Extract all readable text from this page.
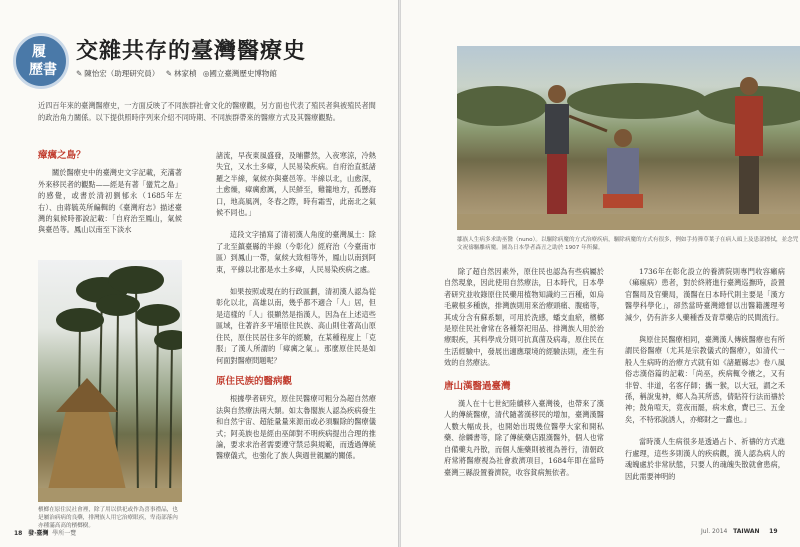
履
歷書
交雜共存的臺灣醫療史
✎ 陳怡宏（助理研究員） ✎ 林家楨 ◎國立臺灣歷史博物館
近四百年來的臺灣醫療史，一方面反映了不同族群社會文化的醫療觀，另方面也代表了殖民者與被殖民者間的政治角力關係。以下提供照時序列來介紹不同時期、不同族群帶來的醫療方式及其醫療觀點。
瘴癘之島？

關於醫療史中的臺灣史文字記載，充滿著外來移民者的觀點——經是有著「蠻荒之島」的感覺，或書於清初劉郁永（1685年左右）、由蔣毓英所編輯的《臺灣府志》描述臺灣的氣候時都說記載：「自府治至鳳山，氣候與臺邑等。鳳山以南至下淡水

檳榔在原住民社會裡，除了用以供祀或作為喜事禮品，也是屬治病病的良藥，排灣族人用它治療眼疾，卑南部落內亦種滿高高的檳榔樹。

諸流，早夜東風盛發，及晡鬱然，入夜寒涼，冷熱失宜，又水土多瘴，人民易染疾病。自府治直抵諸羅之半線，氣候亦與臺邑等。半線以北，山愈深，土愈燥，瘴癘愈厲，人民鮮至，雞籠地方，孤懸海口，地高風冽，冬春之際，時有霜雪，此南北之氣候不同也。」

這段文字描寫了清初漢人角度的臺灣風土：除了北至鎮臺縣的半線（今彰化）經府治（今臺南市區）到鳳山一帶，氣候大致相等外，鳳山以南到阿東，平線以北都是水土多瘴，人民易染疾病之處。

如果按照或現在的行政區劃，清初漢人認為從彰化以北，高雄以南，幾乎都不適合「人」居，但是這樣的「人」很顯然是指漢人，因為在上述這些區域，住著許多平埔原住民族、高山則住著高山原住民，原住民居住多年的經驗，在某種程度上「克服」了漢人所謂的「瘴癘之氣」。那麼原住民是如何面對醫療問題呢？

原住民族的醫病觀

根據學者研究，原住民醫療可粗分為超自然療法與自然療法兩大類。如太魯閣族人認為疾病發生和自然宇宙、超能量量來源而或必須驅除的醫療儀式；阿美族也是經由巫師對不明疾病提出合理的推論，要求求治者需要遵守禁忌與規範，而透過傳統醫療儀式，也強化了族人與週世親屬的關係。

18 發·臺灣 學所一覽
鄒族人生病多求助巫醫（nuno）。以驅除病魔的方式治療疾病，驅除病魔的方式有很多，例如手持籜草葉子在病人頭上及患部擦拭，並念咒文祝禱驅離病魔。圖為日本學者森丑之助於 1907 年所攝。

除了超自然因素外，原住民也認為有些病屬於自然現象，因此使用自然療法，日本時代，日本學者研究並收錄原住民藥用植物知識約三百種，如烏毛蕨根多種族，排灣族則用來治療頭痛、腹痛等，其成分含有蘇系類，可用於洗感，蟠支血瘀，檳榔是原住民社會常在各種祭祀用品、排灣族人用於治療眼疾，其料學成分則可抗真菌及病毒，原住民在生活經驗中，發展出適應環境的經驗法則，產生有效的自然療法。

唐山漢醫過臺灣

漢人在十七世紀陸續移入臺灣後，也帶來了漢人的傳統醫療，清代隨著漢移民的增加，臺灣漢醫人數大幅成長，也開始出現幾位醫學大家和開私藥、徐麟書等，除了傳統藥店跟漢醫外，個人也常自備藥丸丹散，而個人施藥則被視為善行，清朝政府常將醫療視為社會救濟項目，1684年即在當時臺灣三縣設置養濟院，收容貧病無依者。

1736年在彰化設立的養濟院則專門收容癩病（痲瘋病）患者，對於終將進行臺灣巡撫時，設置官醫局及官藥局，漢醫在日本時代則主要是「漢方醫學科學化」，卻然當時臺灣總督以出醫籍護理考減少，仍有許多人藥種香及青草藥店的民間流行。

與原住民醫療相同，臺灣漢人傳統醫療也有所謂民俗醫療（尤其是宗教儀式的醫療），如清代一般人生病時的治療方式就有如《諸羅縣志》卷八風俗志漢俗篇的記載：「尚巫，疾病輒令禳之，又有非曾、非道，名客仔師；攜一猴，以大冠，謂之禾孫，稱說鬼神，鄉人為其所惑，倩貼符行法而禱於神；鼓角喧天，竟夜而罷，病未愈，費已三、五金矣，不特邪說誘人，亦鄉財之一蠹也。」

當時漢人生病很多是透過占卜、祈禱的方式進行處理，這些多則漢人的疾病觀，漢人認為病人的魂魄處於非常狀態，只要人的魂魄失散就會患病，因此需要神明的

Jul. 2014 TAIWAN 19
